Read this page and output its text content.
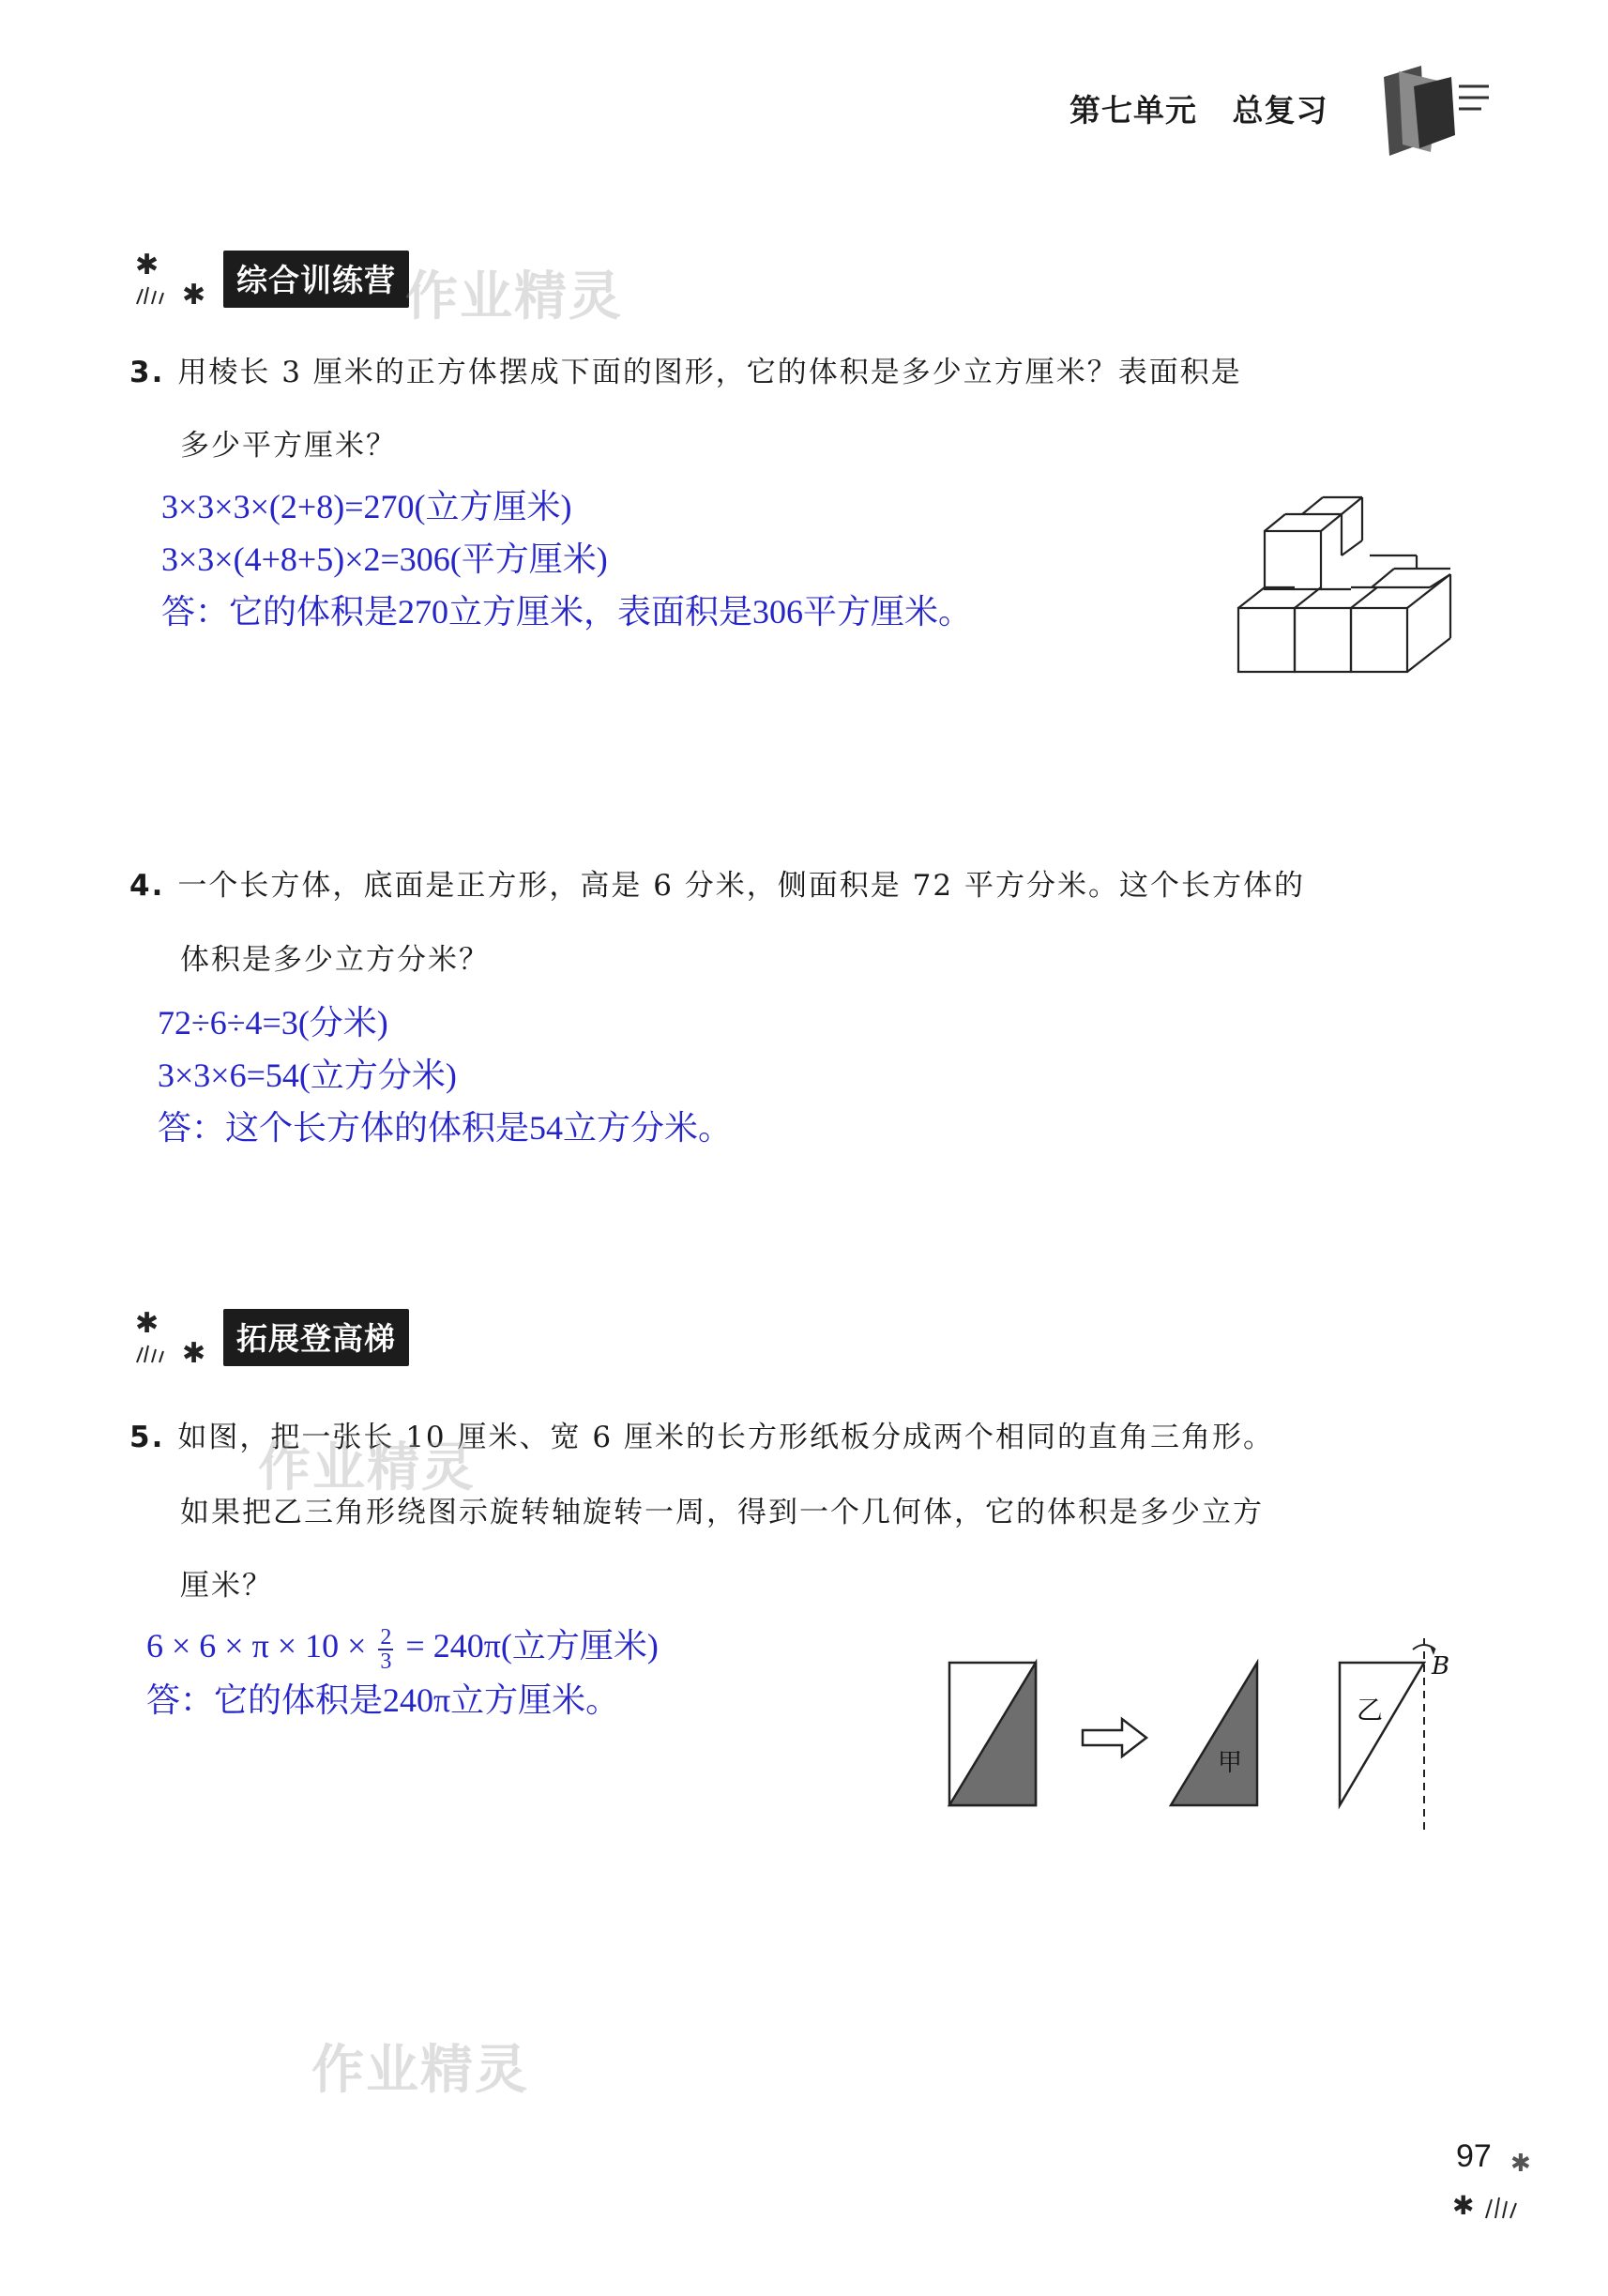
第七单元   总复习
✱
✱ 综合训练营 作业精灵
3. 用棱长 3 厘米的正方体摆成下面的图形，它的体积是多少立方厘米？表面积是
多少平方厘米？
3×3×3×(2+8)=270(立方厘米)
3×3×(4+8+5)×2=306(平方厘米)
答：它的体积是270立方厘米，表面积是306平方厘米。
4. 一个长方体，底面是正方形，高是 6 分米，侧面积是 72 平方分米。这个长方体的
体积是多少立方分米？
72÷6÷4=3(分米)
3×3×6=54(立方分米)
答：这个长方体的体积是54立方分米。
✱
✱ 拓展登高梯
5. 如图，把一张长 10 厘米、宽 6 厘米的长方形纸板分成两个相同的直角三角形。
作业精灵
如果把乙三角形绕图示旋转轴旋转一周，得到一个几何体，它的体积是多少立方
厘米？
$6 \times 6 \times \pi \times 10 \times \frac{2}{3} = 240\pi$(立方厘米)
答：它的体积是240π立方厘米。
甲
乙
B
作业精灵
97 ✱
✱
